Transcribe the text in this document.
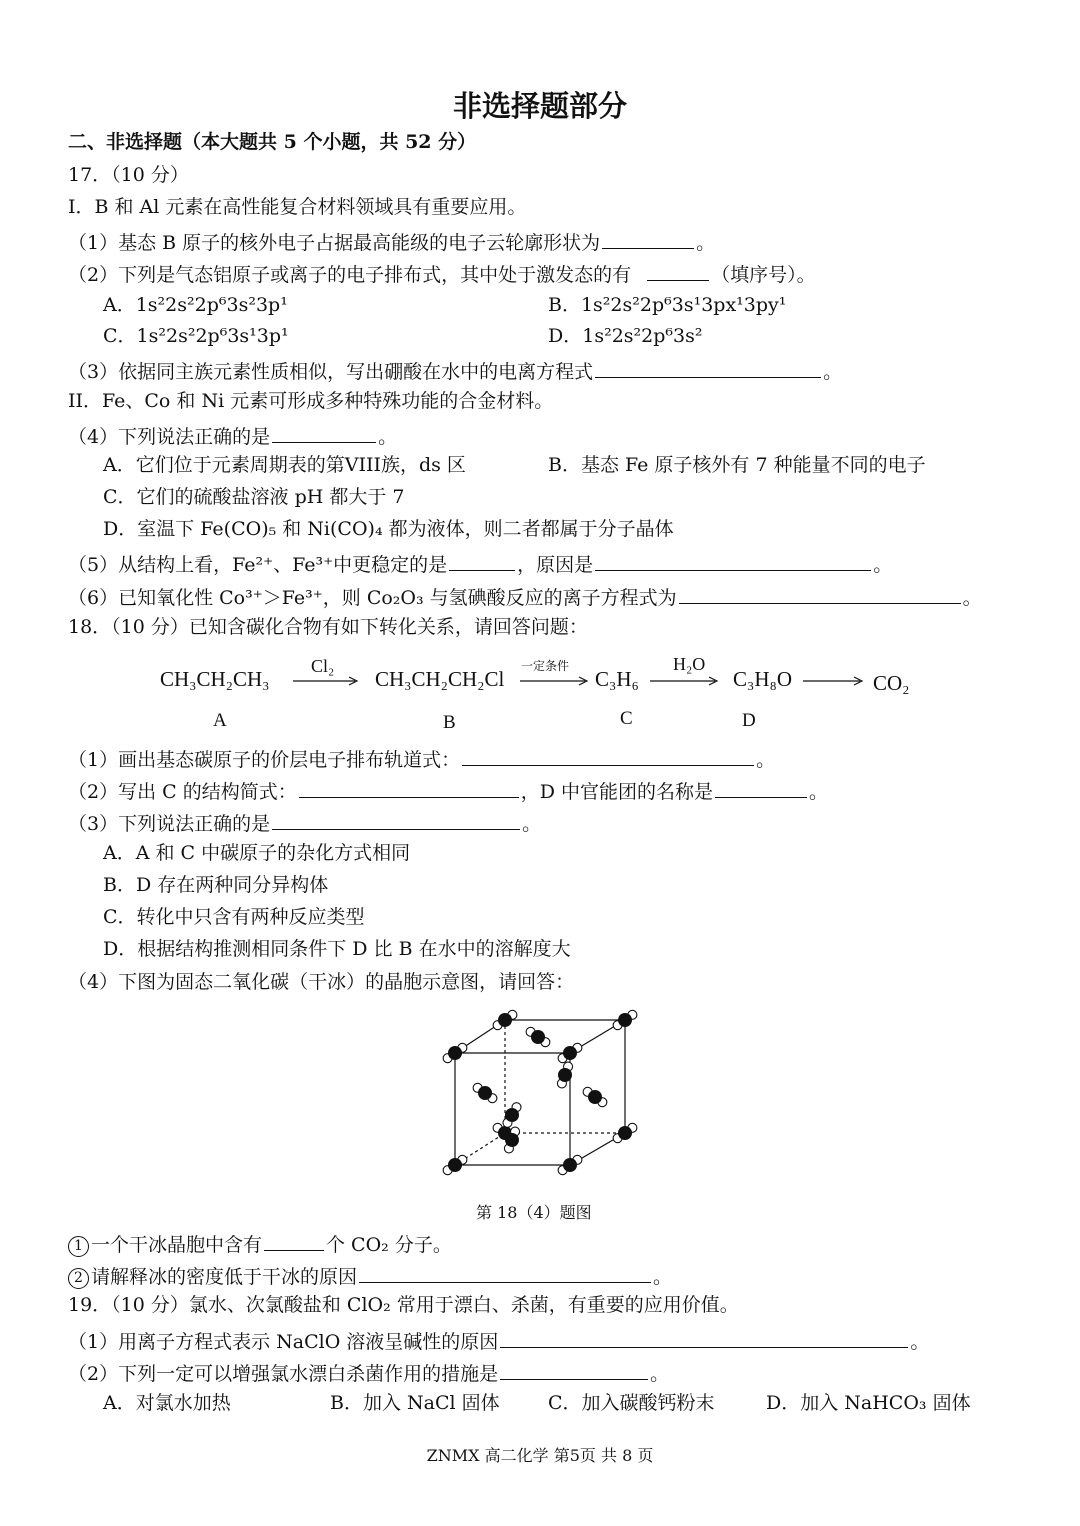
非选择题部分
二、非选择题（本大题共 5 个小题，共 52 分）
17．（10 分）
I．B 和 Al 元素在高性能复合材料领域具有重要应用。
（1）基态 B 原子的核外电子占据最高能级的电子云轮廓形状为	。
（2）下列是气态铝原子或离子的电子排布式，其中处于激发态的有	（填序号）。
A．1s²2s²2p⁶3s²3p¹	B．1s²2s²2p⁶3s¹3px¹3py¹
C．1s²2s²2p⁶3s¹3p¹	D．1s²2s²2p⁶3s²
（3）依据同主族元素性质相似，写出硼酸在水中的电离方程式	。
II．Fe、Co 和 Ni 元素可形成多种特殊功能的合金材料。
（4）下列说法正确的是	。
A．它们位于元素周期表的第VIII族，ds 区	B．基态 Fe 原子核外有 7 种能量不同的电子
C．它们的硫酸盐溶液 pH 都大于 7
D．室温下 Fe(CO)₅ 和 Ni(CO)₄ 都为液体，则二者都属于分子晶体
（5）从结构上看，Fe²⁺、Fe³⁺中更稳定的是	，原因是	。
（6）已知氧化性 Co³⁺＞Fe³⁺，则 Co₂O₃ 与氢碘酸反应的离子方程式为	。
18．（10 分）已知含碳化合物有如下转化关系，请回答问题：
CH₃CH₂CH₃
Cl₂
CH₃CH₂CH₂Cl
一定条件
C₃H₆
H₂O
C₃H₈O	CO₂
A	B	C	D
（1）画出基态碳原子的价层电子排布轨道式：	。
（2）写出 C 的结构简式：	，D 中官能团的名称是	。
（3）下列说法正确的是	。
A．A 和 C 中碳原子的杂化方式相同
B．D 存在两种同分异构体
C．转化中只含有两种反应类型
D．根据结构推测相同条件下 D 比 B 在水中的溶解度大
（4）下图为固态二氧化碳（干冰）的晶胞示意图，请回答：
第 18（4）题图
1 一个干冰晶胞中含有	个 CO₂ 分子。
2 请解释冰的密度低于干冰的原因	。
19．（10 分）氯水、次氯酸盐和 ClO₂ 常用于漂白、杀菌，有重要的应用价值。
（1）用离子方程式表示 NaClO 溶液呈碱性的原因	。
（2）下列一定可以增强氯水漂白杀菌作用的措施是	。
A．对氯水加热	B．加入 NaCl 固体	C．加入碳酸钙粉末	D．加入 NaHCO₃ 固体
ZNMX 高二化学 第5页 共 8 页
